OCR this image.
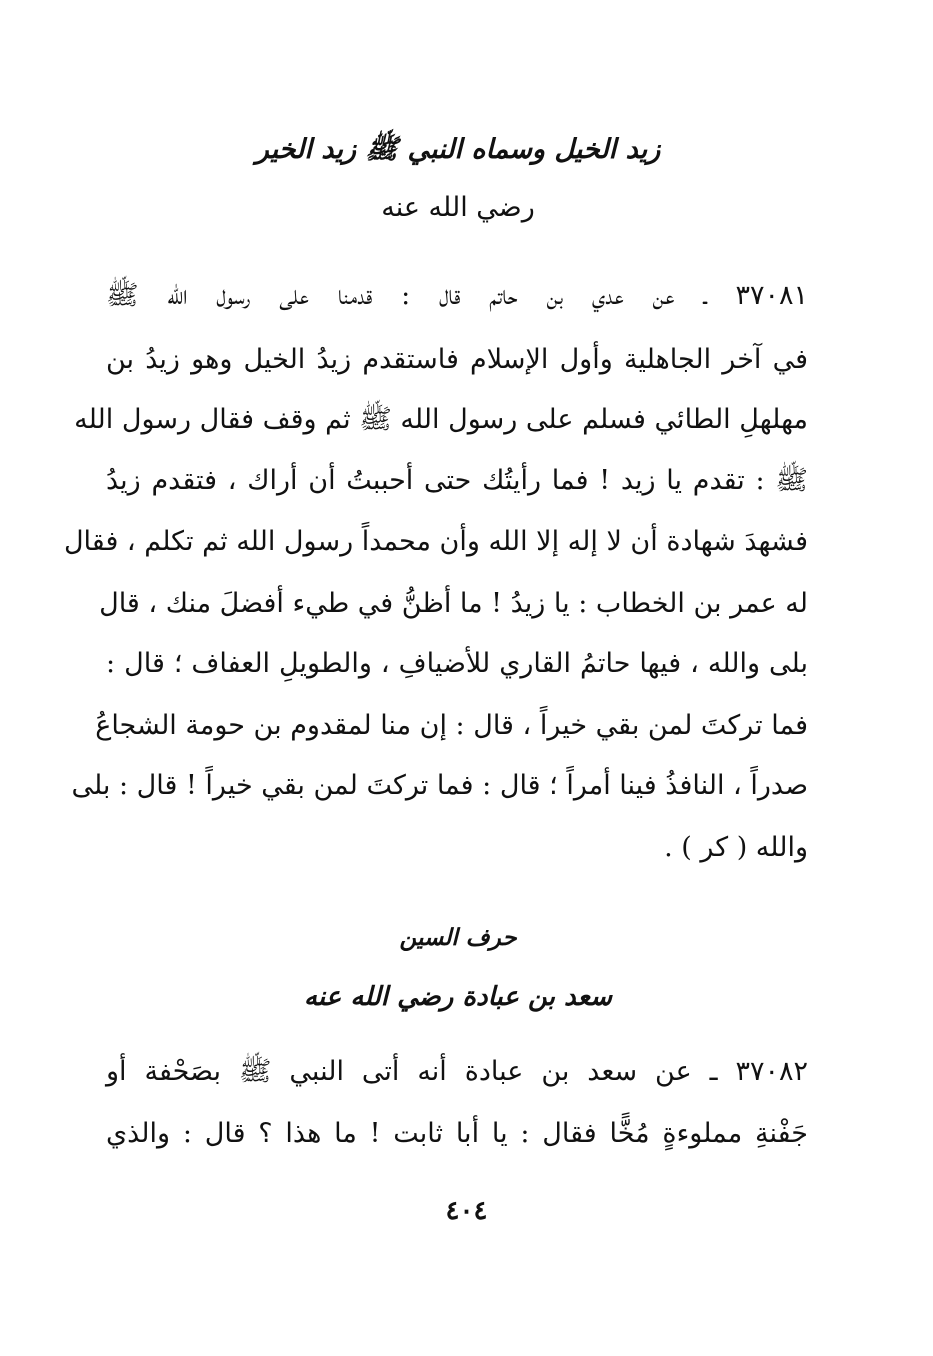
زيد الخيل وسماه النبي ﷺ زيد الخير
رضي الله عنه
٣٧٠٨١ ـ عن عدي بن حاتم قال : قدمنا على رسول الله ﷺ
في آخر الجاهلية وأول الإسلام فاستقدم زيدُ الخيل وهو زيدُ بن
مهلهلِ الطائي فسلم على رسول الله ﷺ ثم وقف فقال رسول الله
ﷺ : تقدم يا زيد ! فما رأيتُك حتى أحببتُ أن أراك ، فتقدم زيدُ
فشهدَ شهادة أن لا إله إلا الله وأن محمداً رسول الله ثم تكلم ، فقال
له عمر بن الخطاب : يا زيدُ ! ما أظنُّ في طيء أفضلَ منك ، قال
بلى والله ، فيها حاتمُ القاري للأضيافِ ، والطويلِ العفاف ؛ قال :
فما تركتَ لمن بقي خيراً ، قال : إن منا لمقدوم بن حومة الشجاعُ
صدراً ، النافذُ فينا أمراً ؛ قال : فما تركتَ لمن بقي خيراً ! قال : بلى
والله ( كر ) .
حرف السين
سعد بن عبادة رضي الله عنه
٣٧٠٨٢ ـ عن سعد بن عبادة أنه أتى النبي ﷺ بصَحْفة أو
جَفْنةِ مملوءةٍ مُخًّا فقال : يا أبا ثابت ! ما هذا ؟ قال : والذي
٤٠٤
